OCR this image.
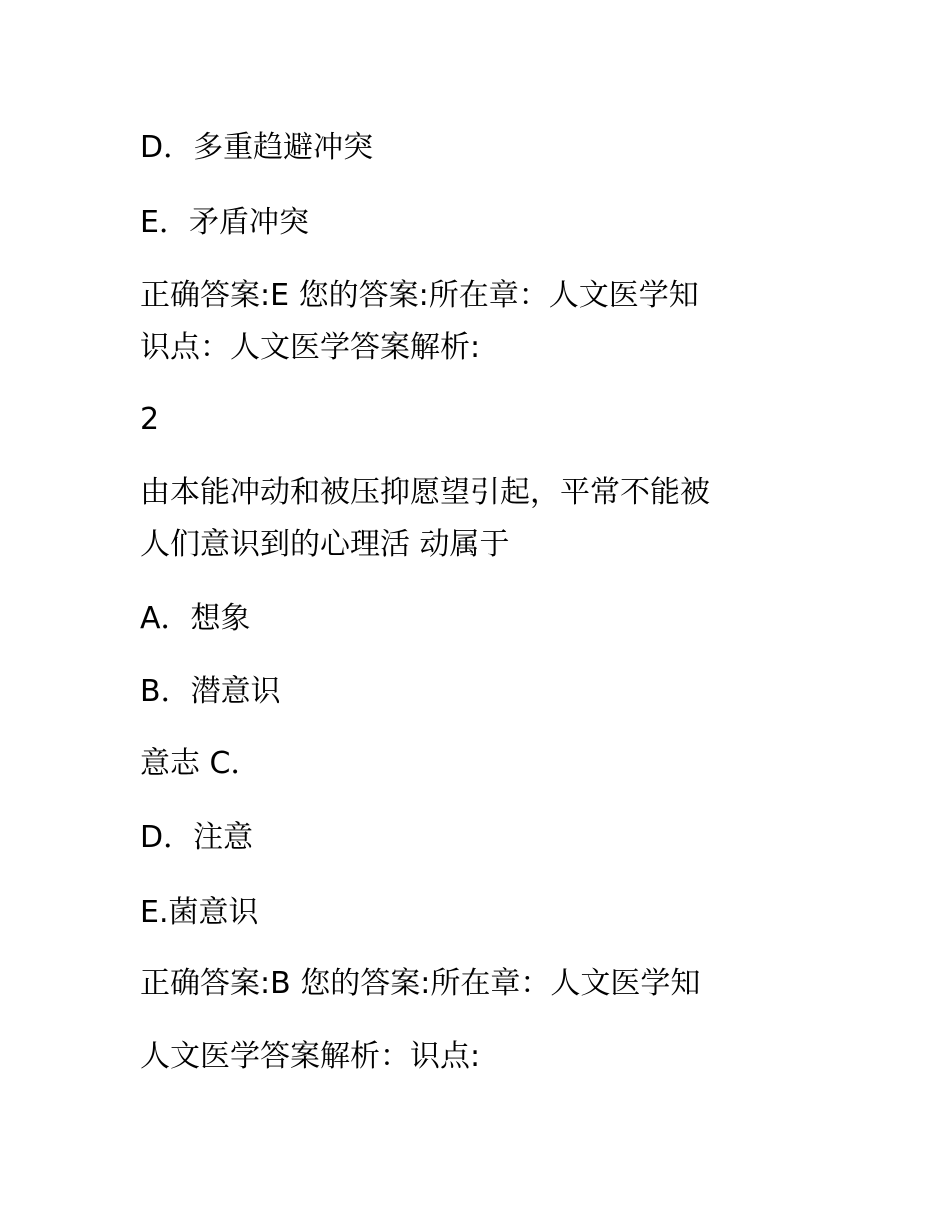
D．多重趋避冲突
E．矛盾冲突
正确答案:E 您的答案:所在章：人文医学知
识点：人文医学答案解析:
2
由本能冲动和被压抑愿望引起，平常不能被
人们意识到的心理活 动属于
A．想象
B．潜意识
意志 C．
D．注意
E.菌意识
正确答案:B 您的答案:所在章：人文医学知
人文医学答案解析：识点:
